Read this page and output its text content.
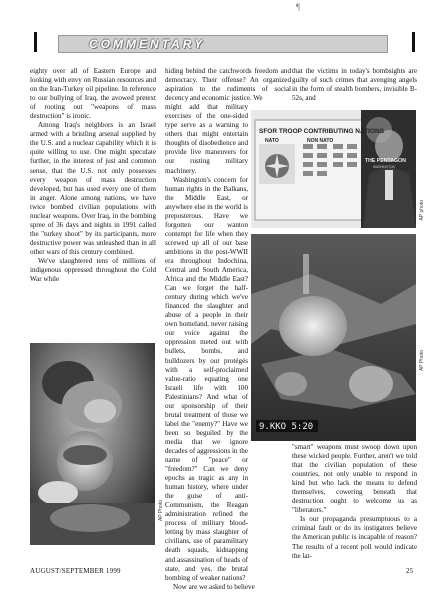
¶
COMMENTARY

eighty over all of Eastern Europe and looking with envy on Russian resources and on the Iran-Turkey oil pipeline. In reference to our bullying of Iraq, the avowed pretext of rooting out "weapons of mass destruction" is ironic.

Among Iraq's neighbors is an Israel armed with a bristling arsenal supplied by the U.S. and a nuclear capability which it is quite willing to use. One might speculate further, in the interest of just and common sense, that the U.S. not only possesses every weapon of mass destruction developed, but has used every one of them in anger. Alone among nations, we have twice bombed civilian populations with nuclear weapons. Over Iraq, in the bombing spree of 36 days and nights in 1991 called the "turkey shoot" by its participants, more destructive power was unleashed than in all other wars of this century combined.

We've slaughtered tens of millions of indigenous oppressed throughout the Cold War while

AP Photo

hiding behind the catchwords freedom and democracy. Their offense? An organized aspiration to the rudiments of social decency and economic justice. We

might add that military exercises of the one-sided type serve as a warning to others that might entertain thoughts of disobedience and provide live maneuvers for our rusting military machinery.

Washington's concern for human rights in the Balkans, the Middle East, or anywhere else in the world is preposterous. Have we forgotten our wanton contempt for life when they screwed up all of our base ambitions in the post-WWII era throughout Indochina, Central and South America, Africa and the Middle East? Can we forget the half-century during which we've financed the slaughter and abuse of a people in their own homeland, never raising our voice against the oppression meted out with bullets, bombs, and bulldozers by our protégés with a self-proclaimed value-ratio equating one Israeli life with 100 Palestinians? And what of our sponsorship of their brutal treatment of those we label the "enemy?" Have we been so beguiled by the media that we ignore decades of aggressions in the name of "peace" or "freedom?" Can we deny epochs as tragic as any in human history, where under the guise of anti-Communism, the Reagan administration refined the process of military blood-letting by mass slaughter of civilians, use of paramilitary death squads, kidnapping and assassination of heads of state, and yes, the brutal bombing of weaker nations?

Now are we asked to believe

that the victims in today's bombsights are guilty of such crimes that avenging angels in the form of stealth bombers, invisible B-52s, and

SFOR TROOP CONTRIBUTING NATIONS
NATO	NON NATO
THE PENTAGON
WASHINGTON
AP photo
9.KKO 5:20
AP Photo

"smart" weapons must swoop down upon these wicked people. Further, aren't we told that the civilian population of these countries, not only unable to respond in kind but who lack the means to defend themselves, cowering beneath that destruction ought to welcome us as "liberators."

Is our propaganda presumptuous to a criminal fault or do its instigators believe the American public is incapable of reason? The results of a recent poll would indicate the lat-

AUGUST/SEPTEMBER 1999	25
